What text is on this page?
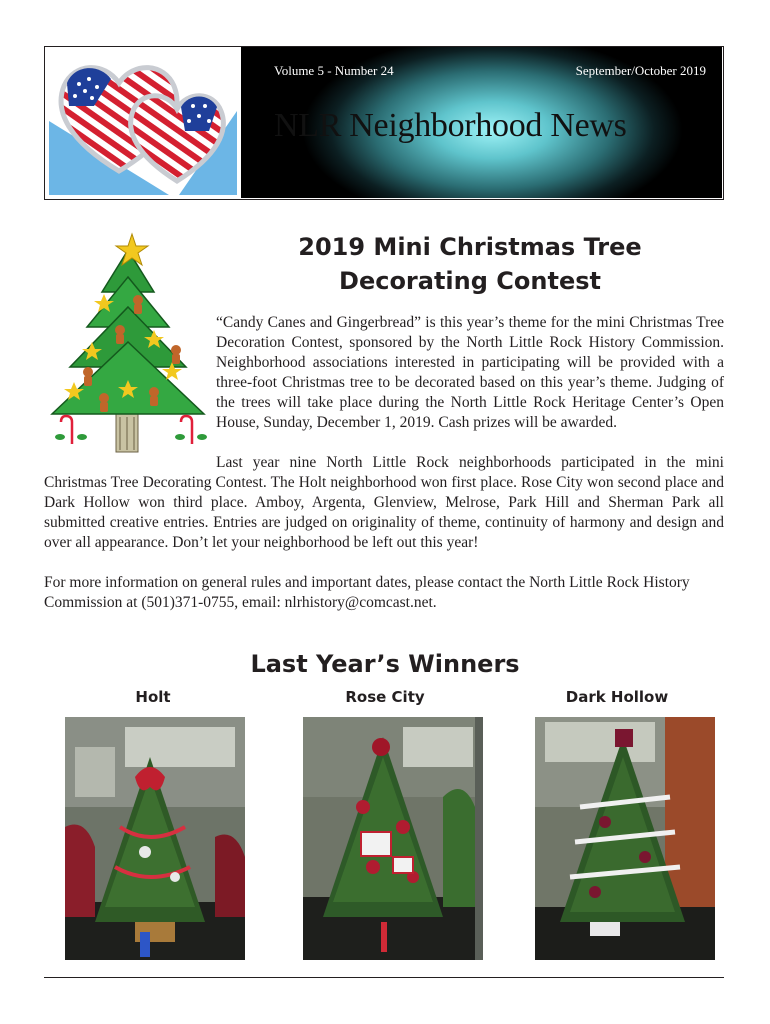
Volume 5 - Number 24	September/October 2019
NLR Neighborhood News
2019 Mini Christmas Tree
Decorating Contest

“Candy Canes and Gingerbread” is this year’s theme for the mini Christmas Tree Decoration Contest, sponsored by the North Little Rock History Commission. Neighborhood associations interested in participating will be provided with a three-foot Christmas tree to be decorated based on this year’s theme. Judging of the trees will take place during the North Little Rock Heritage Center’s Open House, Sunday, December 1, 2019. Cash prizes will be awarded.

Last year nine North Little Rock neighborhoods participated in the mini Christmas Tree Decorating Contest. The Holt neighborhood won first place. Rose City won second place and Dark Hollow won third place. Amboy, Argenta, Glenview, Melrose, Park Hill and Sherman Park all submitted creative entries. Entries are judged on originality of theme, continuity of harmony and design and over all appearance. Don’t let your neighborhood be left out this year!

For more information on general rules and important dates, please contact the North Little Rock History Commission at (501)371-0755, email: nlrhistory@comcast.net.

Last Year’s Winners
Holt	Rose City	Dark Hollow
